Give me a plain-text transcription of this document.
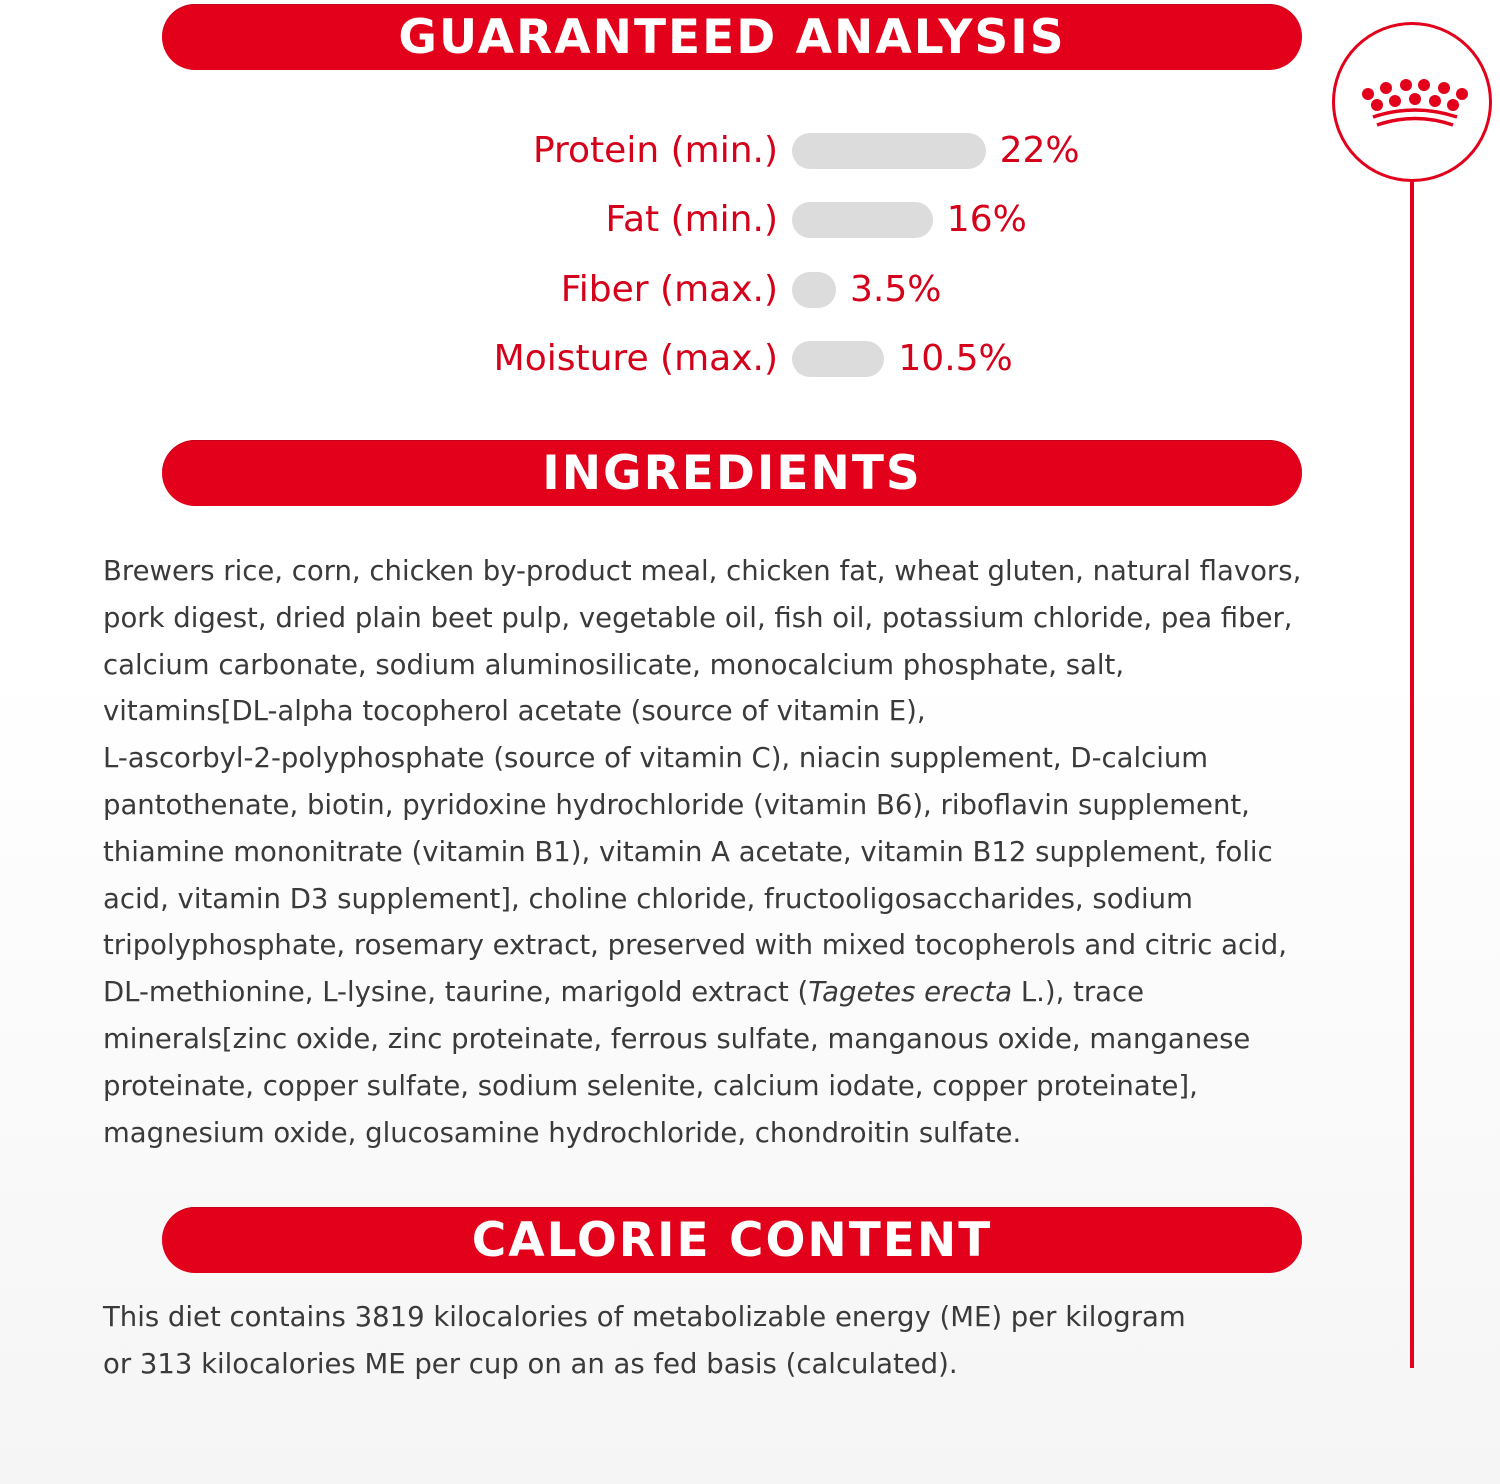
GUARANTEED ANALYSIS
Protein (min.)	22%
Fat (min.)	16%
Fiber (max.) 3.5%
Moisture (max.)	10.5%
INGREDIENTS
Brewers rice, corn, chicken by-product meal, chicken fat, wheat gluten, natural flavors,
pork digest, dried plain beet pulp, vegetable oil, fish oil, potassium chloride, pea fiber,
calcium carbonate, sodium aluminosilicate, monocalcium phosphate, salt,
vitamins[DL-alpha tocopherol acetate (source of vitamin E),
L-ascorbyl-2-polyphosphate (source of vitamin C), niacin supplement, D-calcium
pantothenate, biotin, pyridoxine hydrochloride (vitamin B6), riboflavin supplement,
thiamine mononitrate (vitamin B1), vitamin A acetate, vitamin B12 supplement, folic
acid, vitamin D3 supplement], choline chloride, fructooligosaccharides, sodium
tripolyphosphate, rosemary extract, preserved with mixed tocopherols and citric acid,
DL-methionine, L-lysine, taurine, marigold extract (Tagetes erecta L.), trace
minerals[zinc oxide, zinc proteinate, ferrous sulfate, manganous oxide, manganese
proteinate, copper sulfate, sodium selenite, calcium iodate, copper proteinate],
magnesium oxide, glucosamine hydrochloride, chondroitin sulfate.
CALORIE CONTENT
This diet contains 3819 kilocalories of metabolizable energy (ME) per kilogram
or 313 kilocalories ME per cup on an as fed basis (calculated).
